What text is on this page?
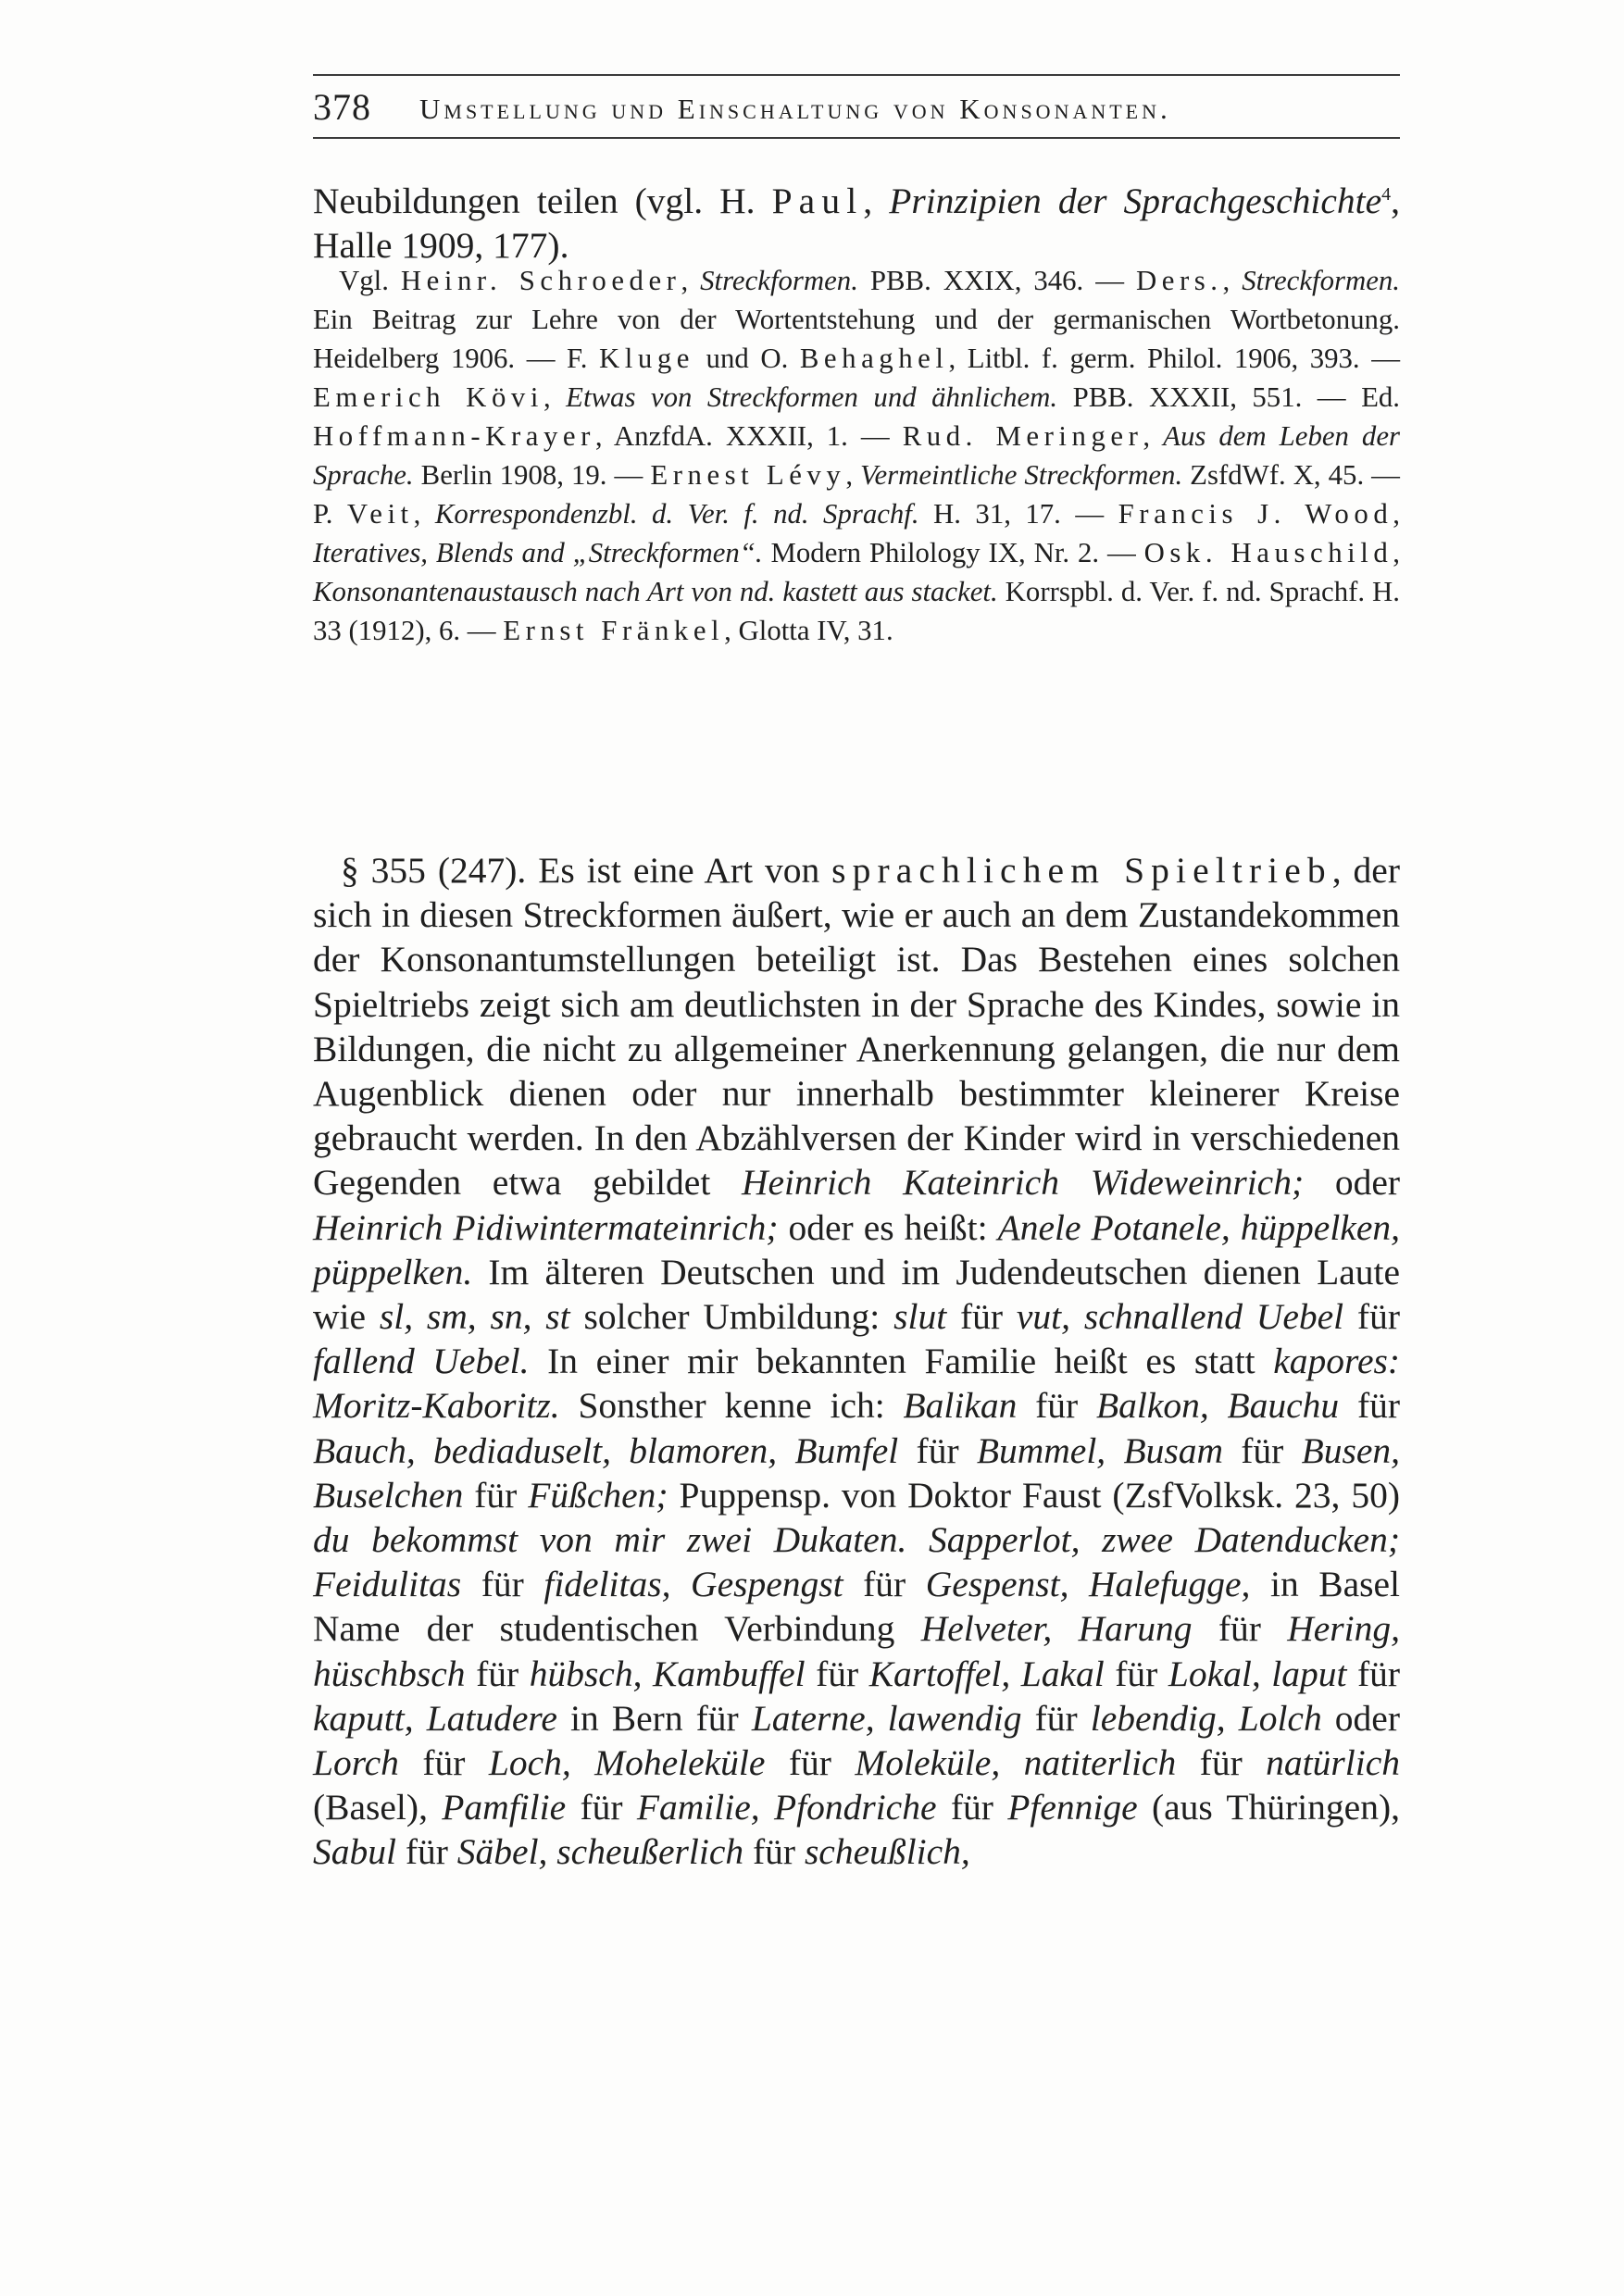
378 Umstellung und Einschaltung von Konsonanten.

Neubildungen teilen (vgl. H. Paul, Prinzipien der Sprachgeschichte$^4$, Halle 1909, 177).

Vgl. Heinr. Schroeder, Streckformen. PBB. XXIX, 346. — Ders., Streckformen. Ein Beitrag zur Lehre von der Wortentstehung und der germanischen Wortbetonung. Heidelberg 1906. — F. Kluge und O. Behaghel, Litbl. f. germ. Philol. 1906, 393. — Emerich Kövi, Etwas von Streckformen und ähnlichem. PBB. XXXII, 551. — Ed. Hoffmann-Krayer, AnzfdA. XXXII, 1. — Rud. Meringer, Aus dem Leben der Sprache. Berlin 1908, 19. — Ernest Lévy, Vermeintliche Streckformen. ZsfdWf. X, 45. — P. Veit, Korrespondenzbl. d. Ver. f. nd. Sprachf. H. 31, 17. — Francis J. Wood, Iteratives, Blends and „Streckformen“. Modern Philology IX, Nr. 2. — Osk. Hauschild, Konsonantenaustausch nach Art von nd. kastett aus stacket. Korrspbl. d. Ver. f. nd. Sprachf. H. 33 (1912), 6. — Ernst Fränkel, Glotta IV, 31.

§ 355 (247). Es ist eine Art von sprachlichem Spieltrieb, der sich in diesen Streckformen äußert, wie er auch an dem Zustandekommen der Konsonantumstellungen beteiligt ist. Das Bestehen eines solchen Spieltriebs zeigt sich am deutlichsten in der Sprache des Kindes, sowie in Bildungen, die nicht zu allgemeiner Anerkennung gelangen, die nur dem Augenblick dienen oder nur innerhalb bestimmter kleinerer Kreise gebraucht werden. In den Abzählversen der Kinder wird in verschiedenen Gegenden etwa gebildet Heinrich Kateinrich Wideweinrich; oder Heinrich Pidiwintermateinrich; oder es heißt: Anele Potanele, hüppelken, püppelken. Im älteren Deutschen und im Judendeutschen dienen Laute wie sl, sm, sn, st solcher Umbildung: slut für vut, schnallend Uebel für fallend Uebel. In einer mir bekannten Familie heißt es statt kapores: Moritz-Kaboritz. Sonsther kenne ich: Balikan für Balkon, Bauchu für Bauch, bediaduselt, blamoren, Bumfel für Bummel, Busam für Busen, Buselchen für Füßchen; Puppensp. von Doktor Faust (ZsfVolksk. 23, 50) du bekommst von mir zwei Dukaten. Sapperlot, zwee Datenducken; Feidulitas für fidelitas, Gespengst für Gespenst, Halefugge, in Basel Name der studentischen Verbindung Helveter, Harung für Hering, hüschbsch für hübsch, Kambuffel für Kartoffel, Lakal für Lokal, laput für kaputt, Latudere in Bern für Laterne, lawendig für lebendig, Lolch oder Lorch für Loch, Mohelekülе für Moleküle, natiterlich für natürlich (Basel), Pamfilie für Familie, Pfondriche für Pfennige (aus Thüringen), Sabul für Säbel, scheußerlich für scheußlich,
